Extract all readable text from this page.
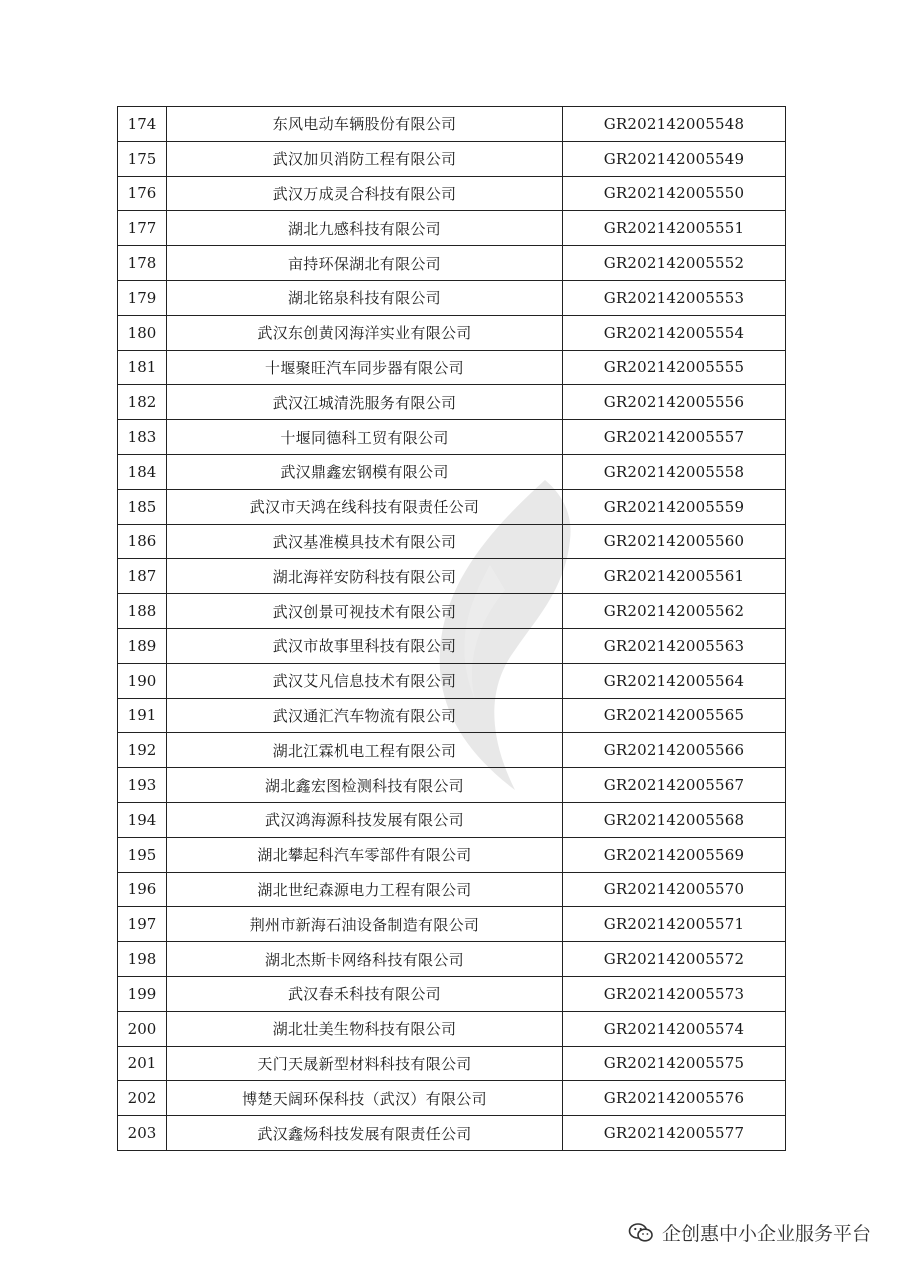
174	东风电动车辆股份有限公司	GR202142005548
175	武汉加贝消防工程有限公司	GR202142005549
176	武汉万成灵合科技有限公司	GR202142005550
177	湖北九感科技有限公司	GR202142005551
178	亩持环保湖北有限公司	GR202142005552
179	湖北铭泉科技有限公司	GR202142005553
180	武汉东创黄冈海洋实业有限公司	GR202142005554
181	十堰聚旺汽车同步器有限公司	GR202142005555
182	武汉江城清洗服务有限公司	GR202142005556
183	十堰同德科工贸有限公司	GR202142005557
184	武汉鼎鑫宏钢模有限公司	GR202142005558
185	武汉市天鸿在线科技有限责任公司	GR202142005559
186	武汉基准模具技术有限公司	GR202142005560
187	湖北海祥安防科技有限公司	GR202142005561
188	武汉创景可视技术有限公司	GR202142005562
189	武汉市故事里科技有限公司	GR202142005563
190	武汉艾凡信息技术有限公司	GR202142005564
191	武汉通汇汽车物流有限公司	GR202142005565
192	湖北江霖机电工程有限公司	GR202142005566
193	湖北鑫宏图检测科技有限公司	GR202142005567
194	武汉鸿海源科技发展有限公司	GR202142005568
195	湖北攀起科汽车零部件有限公司	GR202142005569
196	湖北世纪森源电力工程有限公司	GR202142005570
197	荆州市新海石油设备制造有限公司	GR202142005571
198	湖北杰斯卡网络科技有限公司	GR202142005572
199	武汉春禾科技有限公司	GR202142005573
200	湖北壮美生物科技有限公司	GR202142005574
201	天门天晟新型材料科技有限公司	GR202142005575
202	博楚天阔环保科技（武汉）有限公司	GR202142005576
203	武汉鑫炀科技发展有限责任公司	GR202142005577
企创惠中小企业服务平台
